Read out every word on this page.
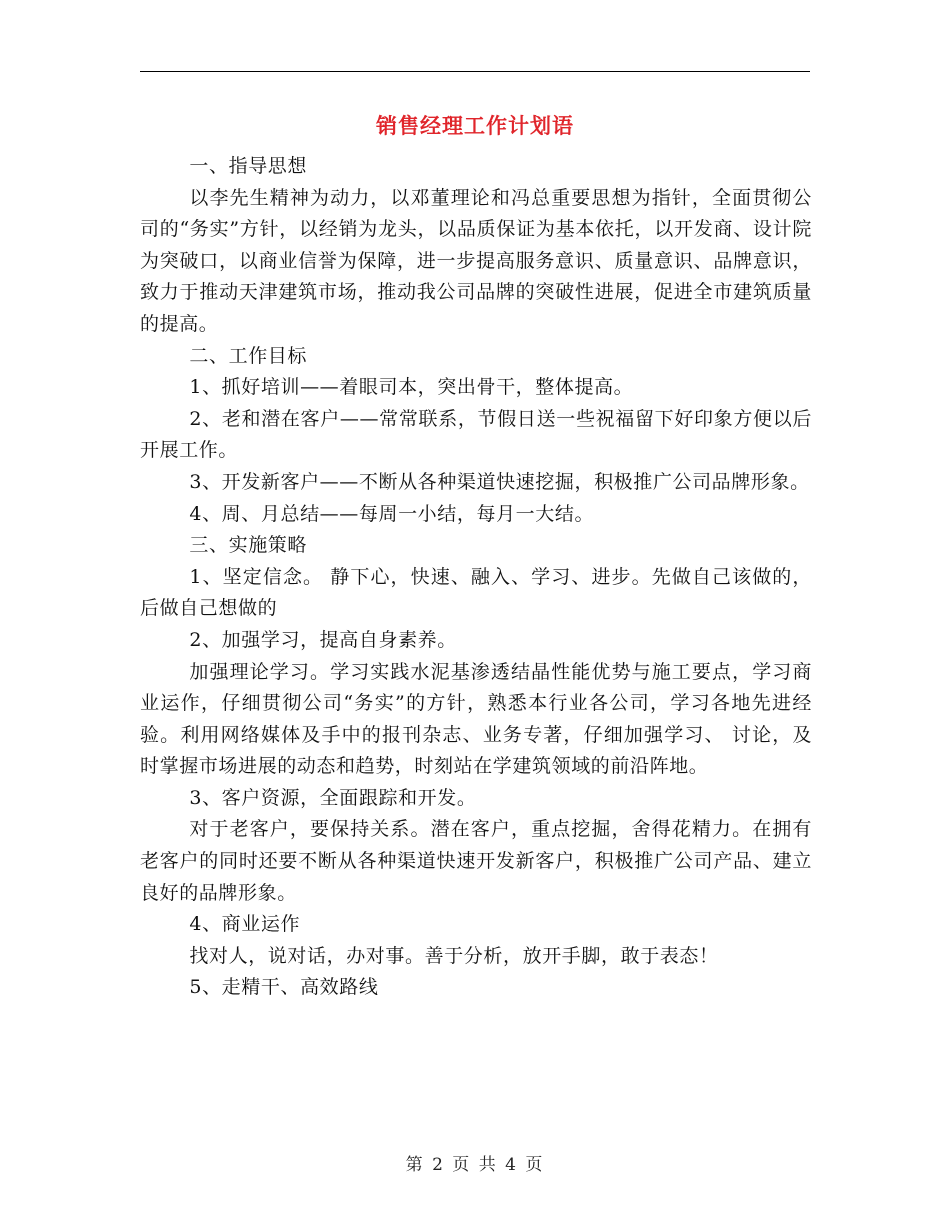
销售经理工作计划语

一、指导思想

以李先生精神为动力，以邓董理论和冯总重要思想为指针，全面贯彻公司的“务实”方针，以经销为龙头，以品质保证为基本依托，以开发商、设计院为突破口，以商业信誉为保障，进一步提高服务意识、质量意识、品牌意识，致力于推动天津建筑市场，推动我公司品牌的突破性进展，促进全市建筑质量的提高。

二、工作目标

1、抓好培训——着眼司本，突出骨干，整体提高。

2、老和潜在客户——常常联系，节假日送一些祝福留下好印象方便以后开展工作。

3、开发新客户——不断从各种渠道快速挖掘，积极推广公司品牌形象。

4、周、月总结——每周一小结，每月一大结。

三、实施策略

1、坚定信念。 静下心，快速、融入、学习、进步。先做自己该做的，后做自己想做的

2、加强学习，提高自身素养。

加强理论学习。学习实践水泥基渗透结晶性能优势与施工要点，学习商业运作，仔细贯彻公司“务实”的方针，熟悉本行业各公司，学习各地先进经验。利用网络媒体及手中的报刊杂志、业务专著，仔细加强学习、 讨论，及时掌握市场进展的动态和趋势，时刻站在学建筑领域的前沿阵地。

3、客户资源，全面跟踪和开发。

对于老客户，要保持关系。潜在客户，重点挖掘，舍得花精力。在拥有老客户的同时还要不断从各种渠道快速开发新客户，积极推广公司产品、建立良好的品牌形象。

4、商业运作

找对人，说对话，办对事。善于分析，放开手脚，敢于表态！

5、走精干、高效路线

第 2 页 共 4 页
